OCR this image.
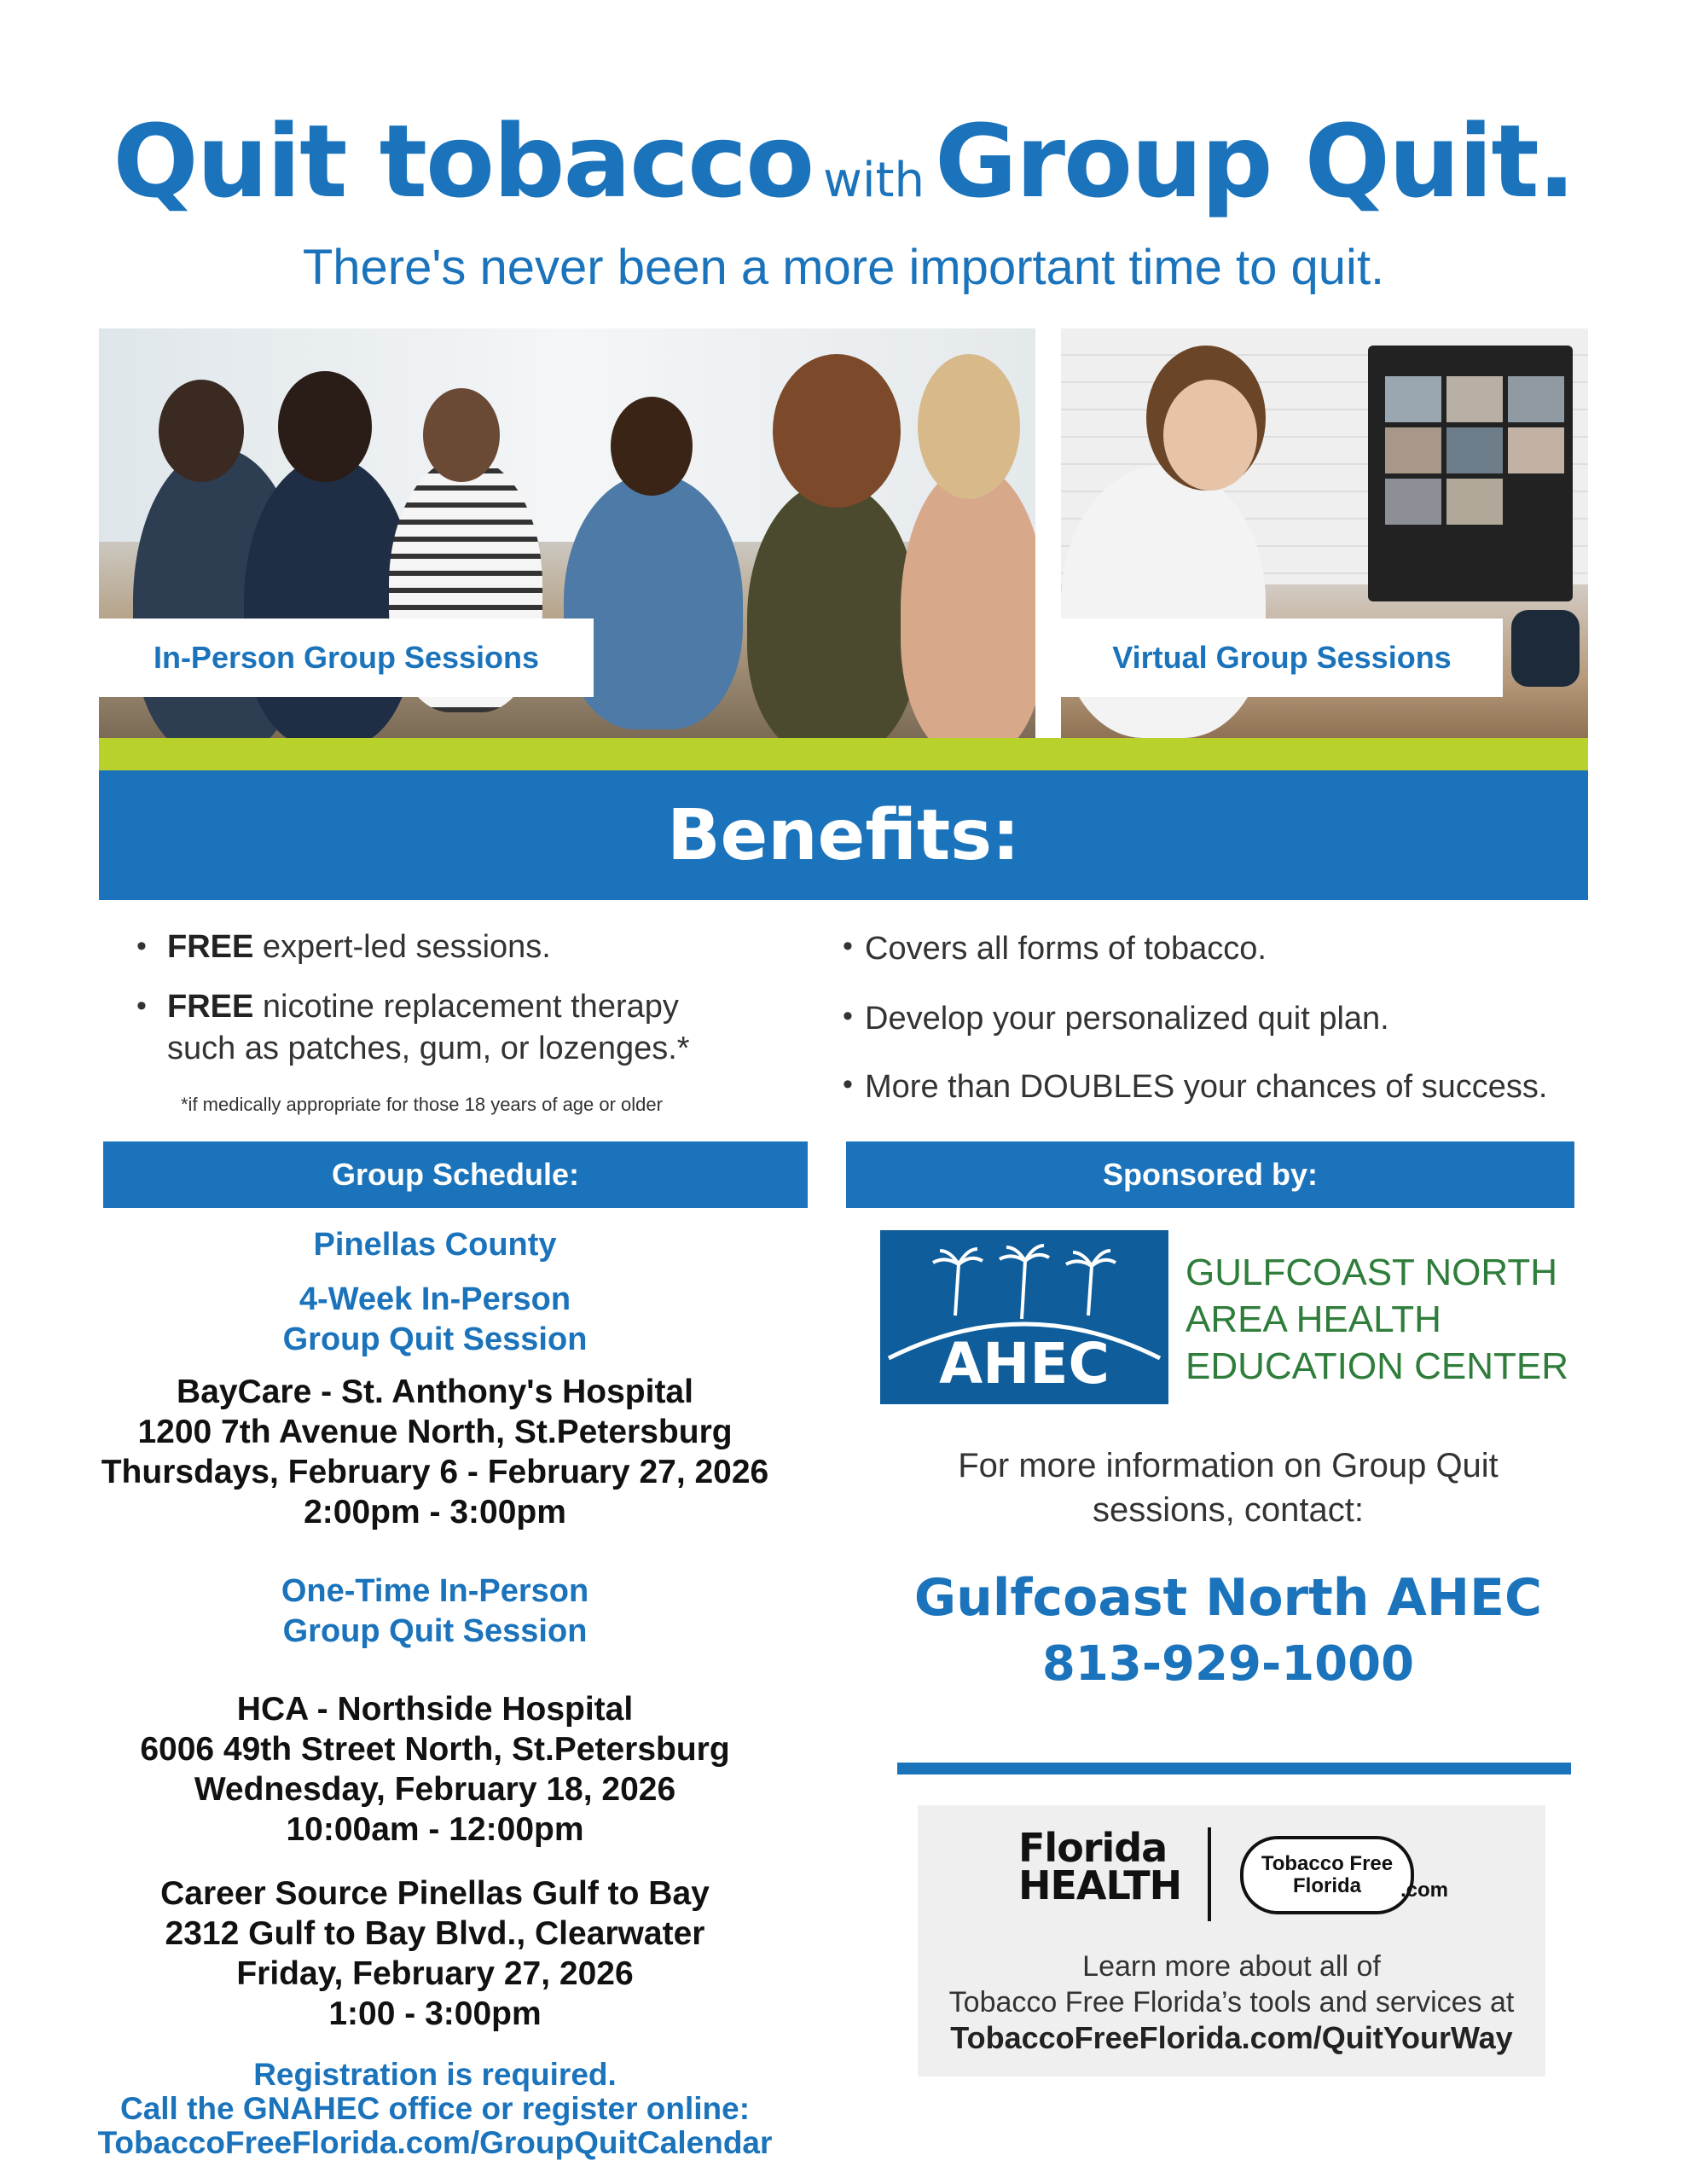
Quit tobacco with Group Quit.
There's never been a more important time to quit.
In-Person Group Sessions	Virtual Group Sessions
Benefits:
• FREE expert-led sessions.
• FREE nicotine replacement therapy
such as patches, gum, or lozenges.*
*if medically appropriate for those 18 years of age or older
• Covers all forms of tobacco.
• Develop your personalized quit plan.
• More than DOUBLES your chances of success.
Group Schedule:	Sponsored by:
Pinellas County
4-Week In-Person
Group Quit Session
BayCare - St. Anthony's Hospital
1200 7th Avenue North, St.Petersburg
Thursdays, February 6 - February 27, 2026
2:00pm - 3:00pm
One-Time In-Person
Group Quit Session
HCA - Northside Hospital
6006 49th Street North, St.Petersburg
Wednesday, February 18, 2026
10:00am - 12:00pm
Career Source Pinellas Gulf to Bay
2312 Gulf to Bay Blvd., Clearwater
Friday, February 27, 2026
1:00 - 3:00pm
Registration is required.
Call the GNAHEC office or register online:
TobaccoFreeFlorida.com/GroupQuitCalendar
AHEC
GULFCOAST NORTH
AREA HEALTH
EDUCATION CENTER
For more information on Group Quit
sessions, contact:
Gulfcoast North AHEC
813-929-1000
Florida
HEALTH	Tobacco Free
Florida .com
Learn more about all of
Tobacco Free Florida’s tools and services at
TobaccoFreeFlorida.com/QuitYourWay
